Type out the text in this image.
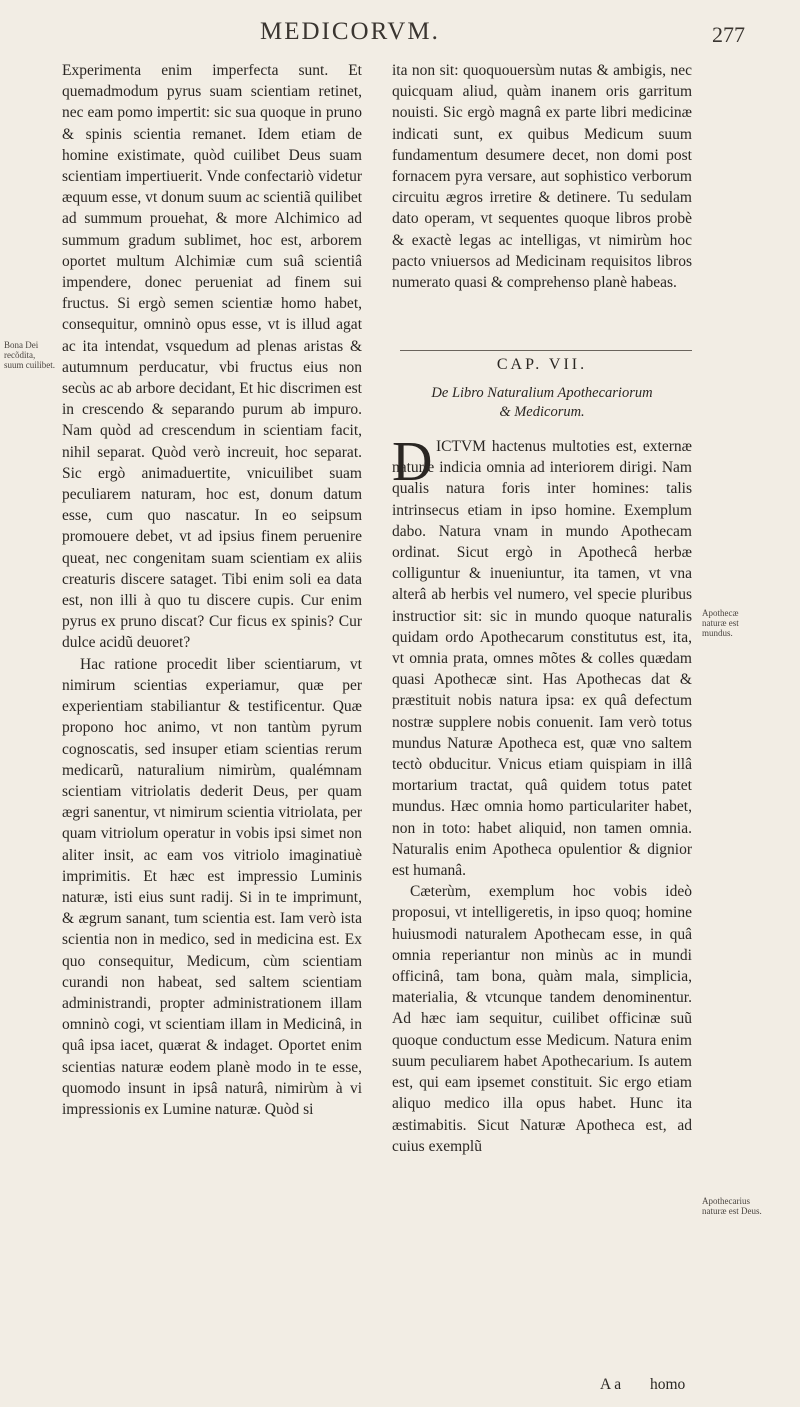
MEDICORVM.	277

Experimenta enim imperfecta sunt. Et quemadmodum pyrus suam scientiam retinet, nec eam pomo impertit: sic sua quoque in pruno & spinis scientia remanet. Idem etiam de homine existimate, quòd cuilibet Deus suam scientiam impertiuerit. Vnde confectariò videtur æquum esse, vt donum suum ac scientiã quilibet ad summum prouehat, & more Alchimico ad summum gradum sublimet, hoc est, arborem oportet multum Alchimiæ cum suâ scientiâ impendere, donec perueniat ad finem sui fructus. Si ergò semen scientiæ homo habet, consequitur, omninò opus esse, vt is illud agat ac ita intendat, vsquedum ad plenas aristas & autumnum perducatur, vbi fructus eius non secùs ac ab arbore decidant, Et hic discrimen est in crescendo & separando purum ab impuro. Nam quòd ad crescendum in scientiam facit, nihil separat. Quòd verò increuit, hoc separat. Sic ergò animaduertite, vnicuilibet suam peculiarem naturam, hoc est, donum datum esse, cum quo nascatur. In eo seipsum promouere debet, vt ad ipsius finem peruenire queat, nec congenitam suam scientiam ex aliis creaturis discere sataget. Tibi enim soli ea data est, non illi à quo tu discere cupis. Cur enim pyrus ex pruno discat? Cur ficus ex spinis? Cur dulce acidũ deuoret?

Hac ratione procedit liber scientiarum, vt nimirum scientias experiamur, quæ per experientiam stabiliantur & testificentur. Quæ propono hoc animo, vt non tantùm pyrum cognoscatis, sed insuper etiam scientias rerum medicarũ, naturalium nimirùm, qualémnam scientiam vitriolatis dederit Deus, per quam ægri sanentur, vt nimirum scientia vitriolata, per quam vitriolum operatur in vobis ipsi simet non aliter insit, ac eam vos vitriolo imaginatiuè imprimitis. Et hæc est impressio Luminis naturæ, isti eius sunt radij. Si in te imprimunt, & ægrum sanant, tum scientia est. Iam verò ista scientia non in medico, sed in medicina est. Ex quo consequitur, Medicum, cùm scientiam curandi non habeat, sed saltem scientiam administrandi, propter administrationem illam omninò cogi, vt scientiam illam in Medicinâ, in quâ ipsa iacet, quærat & indaget. Oportet enim scientias naturæ eodem planè modo in te esse, quomodo insunt in ipsâ naturâ, nimirùm à vi impressionis ex Lumine naturæ. Quòd si

Bona Dei recõdita, suum cuilibet.

ita non sit: quoquouersùm nutas & ambigis, nec quicquam aliud, quàm inanem oris garritum nouisti. Sic ergò magnâ ex parte libri medicinæ indicati sunt, ex quibus Medicum suum fundamentum desumere decet, non domi post fornacem pyra versare, aut sophistico verborum circuitu ægros irretire & detinere. Tu sedulam dato operam, vt sequentes quoque libros probè & exactè legas ac intelligas, vt nimirùm hoc pacto vniuersos ad Medicinam requisitos libros numerato quasi & comprehenso planè habeas.

CAP. VII.
De Libro Naturalium Apothecariorum
& Medicorum.
D ICTVM hactenus multoties est, externæ naturæ indicia omnia ad interiorem dirigi. Nam qualis natura foris inter homines: talis intrinsecus etiam in ipso homine. Exemplum dabo. Natura vnam in mundo Apothecam ordinat. Sicut ergò in Apothecâ herbæ colliguntur & inueniuntur, ita tamen, vt vna alterâ ab herbis vel numero, vel specie pluribus instructior sit: sic in mundo quoque naturalis quidam ordo Apothecarum constitutus est, ita, vt omnia prata, omnes mõtes & colles quædam quasi Apothecæ sint. Has Apothecas dat & præstituit nobis natura ipsa: ex quâ defectum nostræ supplere nobis conuenit. Iam verò totus mundus Naturæ Apotheca est, quæ vno saltem tectò obducitur. Vnicus etiam quispiam in illâ mortarium tractat, quâ quidem totus patet mundus. Hæc omnia homo particulariter habet, non in toto: habet aliquid, non tamen omnia. Naturalis enim Apotheca opulentior & dignior est humanâ.

Cæterùm, exemplum hoc vobis ideò proposui, vt intelligeretis, in ipso quoq; homine huiusmodi naturalem Apothecam esse, in quâ omnia reperiantur non minùs ac in mundi officinâ, tam bona, quàm mala, simplicia, materialia, & vtcunque tandem denominentur. Ad hæc iam sequitur, cuilibet officinæ suũ quoque conductum esse Medicum. Natura enim suum peculiarem habet Apothecarium. Is autem est, qui eam ipsemet constituit. Sic ergo etiam aliquo medico illa opus habet. Hunc ita æstimabitis. Sicut Naturæ Apotheca est, ad cuius exemplũ

Apothecæ naturæ est mundus.
Apothecarius naturæ est Deus.
A a homo
